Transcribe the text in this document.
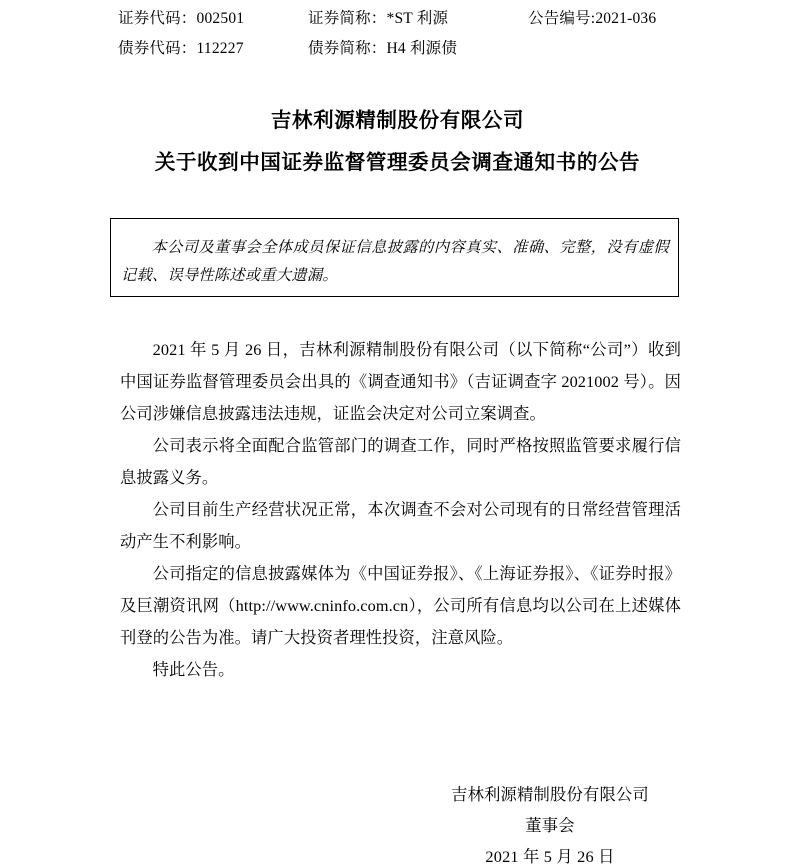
证券代码：002501	证券简称：*ST 利源	公告编号:2021-036
债券代码：112227	债券简称：H4 利源债
吉林利源精制股份有限公司
关于收到中国证券监督管理委员会调查通知书的公告
本公司及董事会全体成员保证信息披露的内容真实、准确、完整，没有虚假记载、误导性陈述或重大遗漏。

2021 年 5 月 26 日，吉林利源精制股份有限公司（以下简称“公司”）收到中国证券监督管理委员会出具的《调查通知书》（吉证调查字 2021002 号）。因公司涉嫌信息披露违法违规，证监会决定对公司立案调查。

公司表示将全面配合监管部门的调查工作，同时严格按照监管要求履行信息披露义务。

公司目前生产经营状况正常，本次调查不会对公司现有的日常经营管理活动产生不利影响。

公司指定的信息披露媒体为《中国证券报》、《上海证券报》、《证券时报》及巨潮资讯网（http://www.cninfo.com.cn），公司所有信息均以公司在上述媒体刊登的公告为准。请广大投资者理性投资，注意风险。

特此公告。

吉林利源精制股份有限公司
董事会
2021 年 5 月 26 日
